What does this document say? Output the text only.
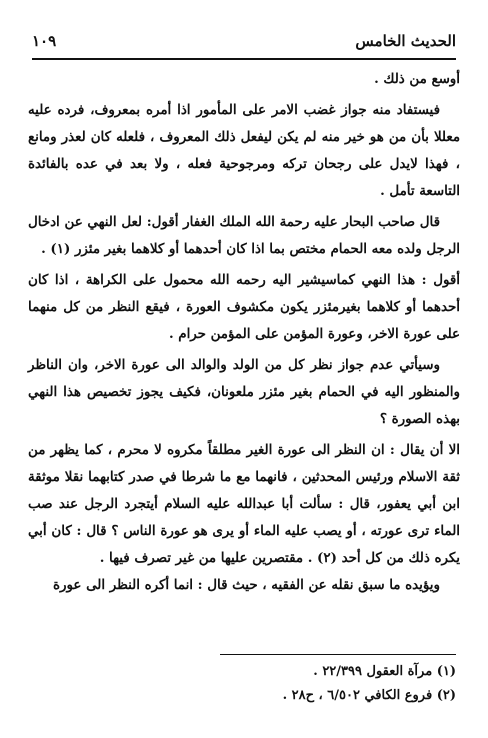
الحديث الخامس
١٠٩

أوسع من ذلك .

فيستفاد منه جواز غضب الامر على المأمور اذا أمره بمعروف، فرده عليه معللا بأن من هو خير منه لم يكن ليفعل ذلك المعروف ، فلعله كان لعذر ومانع ، فهذا لايدل على رجحان تركه ومرجوحية فعله ، ولا بعد في عده بالفائدة التاسعة تأمل .

قال صاحب البحار عليه رحمة الله الملك الغفار أقول: لعل النهي عن ادخال الرجل ولده معه الحمام مختص بما اذا كان أحدهما أو كلاهما بغير مئزر (١) .

أقول : هذا النهي كماسيشير اليه رحمه الله محمول على الكراهة ، اذا كان أحدهما أو كلاهما بغيرمئزر يكون مكشوف العورة ، فيقع النظر من كل منهما على عورة الاخر، وعورة المؤمن على المؤمن حرام .

وسيأتي عدم جواز نظر كل من الولد والوالد الى عورة الاخر، وان الناظر والمنظور اليه في الحمام بغير مئزر ملعونان، فكيف يجوز تخصيص هذا النهي بهذه الصورة ؟

الا أن يقال : ان النظر الى عورة الغير مطلقاً مكروه لا محرم ، كما يظهر من ثقة الاسلام ورئيس المحدثين ، فانهما مع ما شرطا في صدر كتابهما نقلا موثقة ابن أبي يعفور، قال : سألت أبا عبدالله عليه السلام أيتجرد الرجل عند صب الماء ترى عورته ، أو يصب عليه الماء أو يرى هو عورة الناس ؟ قال : كان أبي يكره ذلك من كل أحد (٢) . مقتصرين عليها من غير تصرف فيها .

ويؤيده ما سبق نقله عن الفقيه ، حيث قال : انما أكره النظر الى عورة

(١) مرآة العقول ٢٢/٣٩٩ .
(٢) فروع الكافي ٦/٥٠٢ ، ح٢٨ .
